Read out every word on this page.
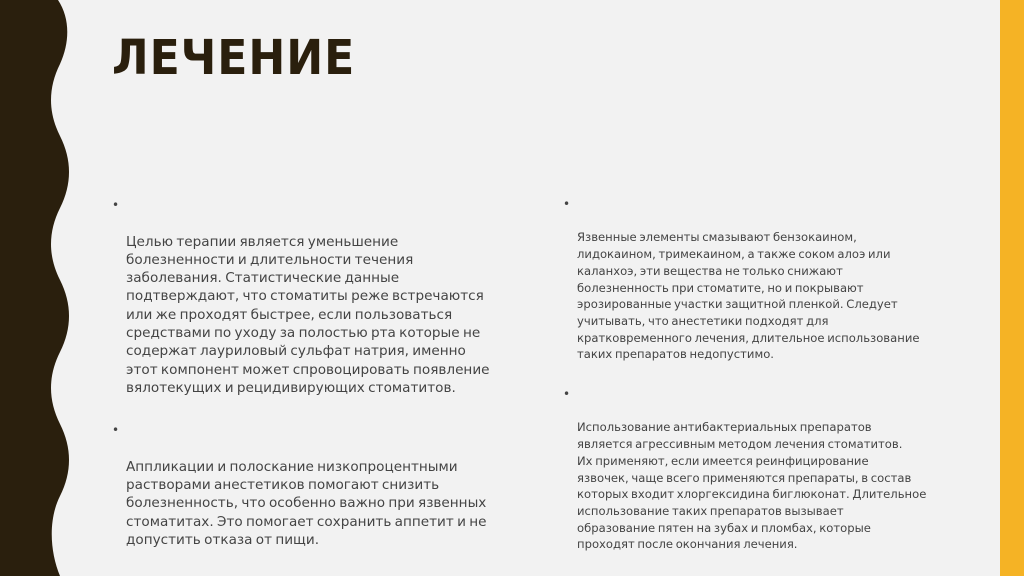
ЛЕЧЕНИЕ

•

Целью терапии является уменьшение
болезненности и длительности течения
заболевания. Статистические данные
подтверждают, что стоматиты реже встречаются
или же проходят быстрее, если пользоваться
средствами по уходу за полостью рта которые не
содержат лауриловый сульфат натрия, именно
этот компонент может спровоцировать появление
вялотекущих и рецидивирующих стоматитов.

•

Аппликации и полоскание низкопроцентными
растворами анестетиков помогают снизить
болезненность, что особенно важно при язвенных
стоматитах. Это помогает сохранить аппетит и не
допустить отказа от пищи.

•

Язвенные элементы смазывают бензокаином,
лидокаином, тримекаином, а также соком алоэ или
каланхоэ, эти вещества не только снижают
болезненность при стоматите, но и покрывают
эрозированные участки защитной пленкой. Следует
учитывать, что анестетики подходят для
кратковременного лечения, длительное использование
таких препаратов недопустимо.

•

Использование антибактериальных препаратов
является агрессивным методом лечения стоматитов.
Их применяют, если имеется реинфицирование
язвочек, чаще всего применяются препараты, в состав
которых входит хлоргексидина биглюконат. Длительное
использование таких препаратов вызывает
образование пятен на зубах и пломбах, которые
проходят после окончания лечения.
